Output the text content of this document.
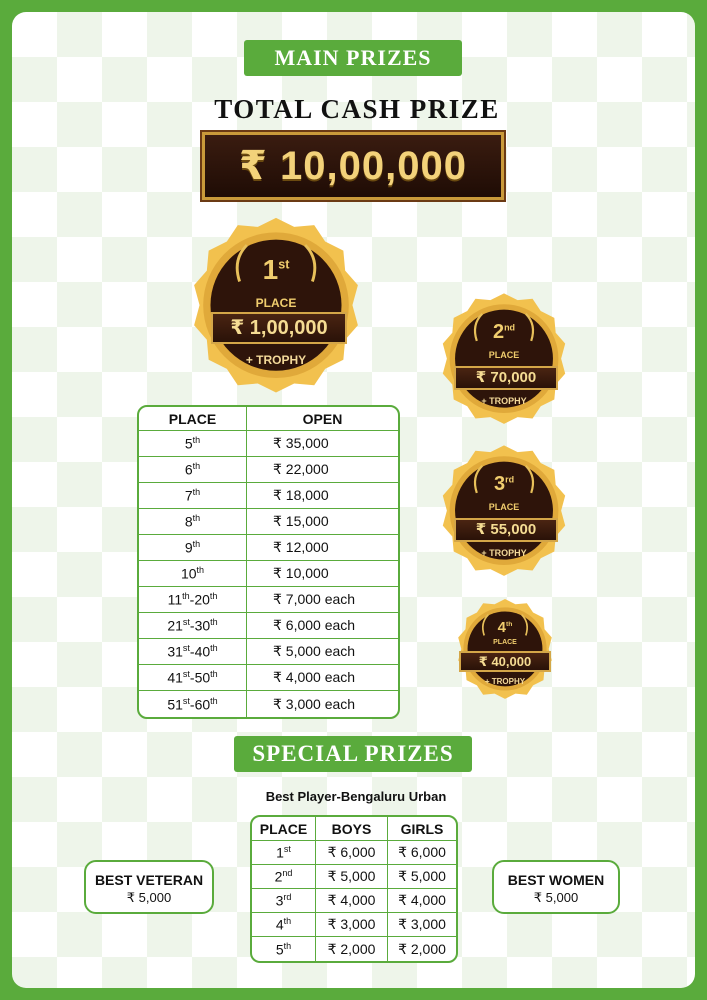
MAIN PRIZES
TOTAL CASH PRIZE
₹ 10,00,000
1st
PLACE
₹ 1,00,000
+ TROPHY
2nd
PLACE
₹ 70,000
+ TROPHY
3rd
PLACE
₹ 55,000
+ TROPHY
4th
PLACE
₹ 40,000
+ TROPHY
PLACE	OPEN
5th	₹ 35,000
6th	₹ 22,000
7th	₹ 18,000
8th	₹ 15,000
9th	₹ 12,000
10th	₹ 10,000
11th-20th	₹ 7,000 each
21st-30th	₹ 6,000 each
31st-40th	₹ 5,000 each
41st-50th	₹ 4,000 each
51st-60th	₹ 3,000 each
SPECIAL PRIZES
Best Player-Bengaluru Urban
PLACE	BOYS	GIRLS
1st	₹ 6,000	₹ 6,000
2nd	₹ 5,000	₹ 5,000
3rd	₹ 4,000	₹ 4,000
4th	₹ 3,000	₹ 3,000
5th	₹ 2,000	₹ 2,000
BEST VETERAN
₹ 5,000
BEST WOMEN
₹ 5,000
